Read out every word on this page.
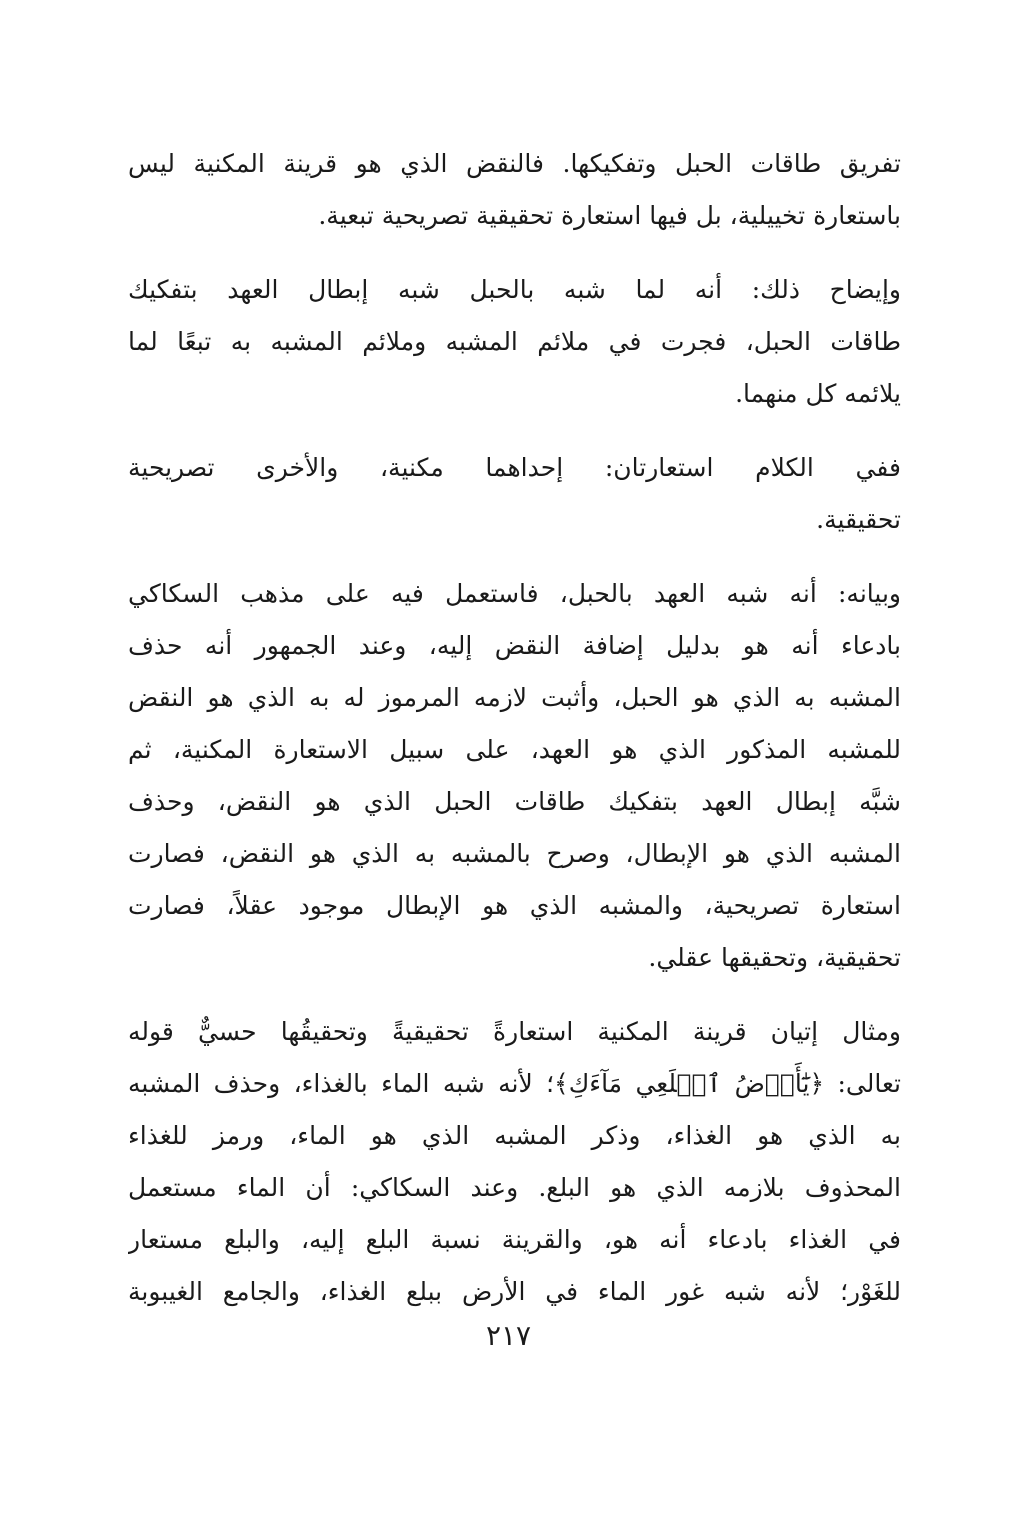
تفريق طاقات الحبل وتفكيكها. فالنقض الذي هو قرينة المكنية ليس
باستعارة تخييلية، بل فيها استعارة تحقيقية تصريحية تبعية.
وإيضاح ذلك: أنه لما شبه بالحبل شبه إبطال العهد بتفكيك
طاقات الحبل، فجرت في ملائم المشبه وملائم المشبه به تبعًا لما
يلائمه كل منهما.
ففي الكلام استعارتان: إحداهما مكنية، والأخرى تصريحية
تحقيقية.
وبيانه: أنه شبه العهد بالحبل، فاستعمل فيه على مذهب السكاكي
بادعاء أنه هو بدليل إضافة النقض إليه، وعند الجمهور أنه حذف
المشبه به الذي هو الحبل، وأثبت لازمه المرموز له به الذي هو النقض
للمشبه المذكور الذي هو العهد، على سبيل الاستعارة المكنية، ثم
شبَّه إبطال العهد بتفكيك طاقات الحبل الذي هو النقض، وحذف
المشبه الذي هو الإبطال، وصرح بالمشبه به الذي هو النقض، فصارت
استعارة تصريحية، والمشبه الذي هو الإبطال موجود عقلاً، فصارت
تحقيقية، وتحقيقها عقلي.
ومثال إتيان قرينة المكنية استعارةً تحقيقيةً وتحقيقُها حسيٌّ قوله
تعالى: ﴿يَٰٓأَرۡضُ ٱبۡلَعِي مَآءَكِ﴾؛ لأنه شبه الماء بالغذاء، وحذف المشبه
به الذي هو الغذاء، وذكر المشبه الذي هو الماء، ورمز للغذاء
المحذوف بلازمه الذي هو البلع. وعند السكاكي: أن الماء مستعمل
في الغذاء بادعاء أنه هو، والقرينة نسبة البلع إليه، والبلع مستعار
للغَوْر؛ لأنه شبه غور الماء في الأرض ببلع الغذاء، والجامع الغيبوبة
٢١٧
